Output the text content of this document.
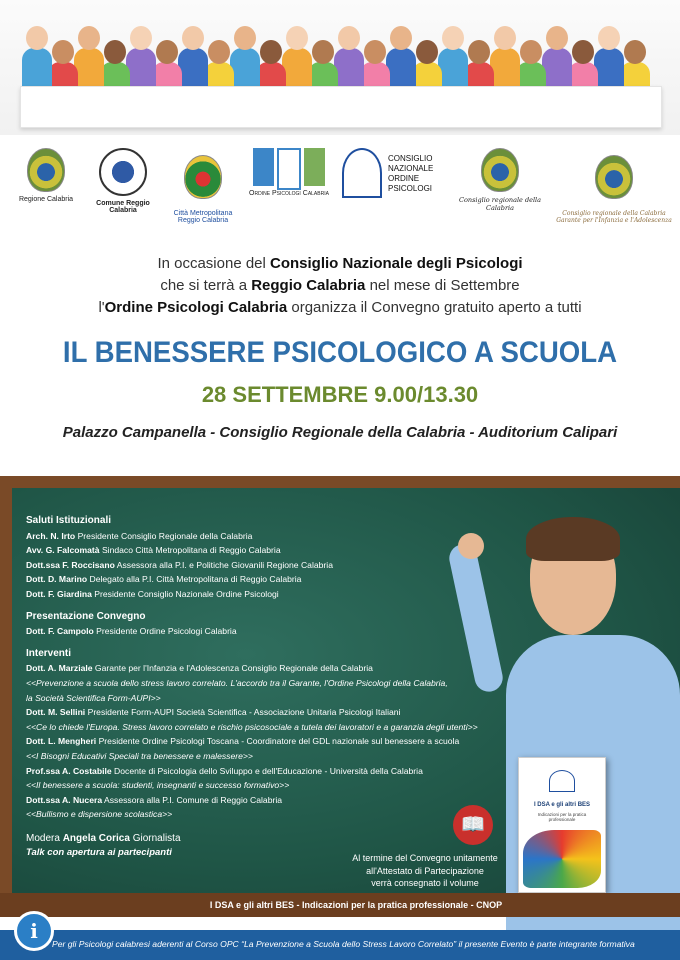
Regione Calabria
Comune Reggio Calabria	Città Metropolitana
Reggio Calabria

Ordine Psicologi Calabria
CONSIGLIO
NAZIONALE
ORDINE
PSICOLOGI
Consiglio regionale della Calabria

Consiglio regionale della Calabria
Garante per l'Infanzia e l'Adolescenza

In occasione del Consiglio Nazionale degli Psicologi
che si terrà a Reggio Calabria nel mese di Settembre
l'Ordine Psicologi Calabria organizza il Convegno gratuito aperto a tutti
IL BENESSERE PSICOLOGICO A SCUOLA
28 SETTEMBRE 9.00/13.30
Palazzo Campanella - Consiglio Regionale della Calabria - Auditorium Calipari
Saluti Istituzionali
Arch. N. Irto Presidente Consiglio Regionale della Calabria
Avv. G. Falcomatà Sindaco Città Metropolitana di Reggio Calabria
Dott.ssa F. Roccisano Assessora alla P.I. e Politiche Giovanili Regione Calabria
Dott. D. Marino Delegato alla P.I. Città Metropolitana di Reggio Calabria
Dott. F. Giardina Presidente Consiglio Nazionale Ordine Psicologi
Presentazione Convegno
Dott. F. Campolo Presidente Ordine Psicologi Calabria
Interventi
Dott. A. Marziale Garante per l'Infanzia e l'Adolescenza Consiglio Regionale della Calabria
<<Prevenzione a scuola dello stress lavoro correlato. L'accordo tra il Garante, l'Ordine Psicologi della Calabria,
la Società Scientifica Form-AUPI>>
Dott. M. Sellini Presidente Form-AUPI Società Scientifica - Associazione Unitaria Psicologi Italiani
<<Ce lo chiede l'Europa. Stress lavoro correlato e rischio psicosociale a tutela dei lavoratori e a garanzia degli utenti>>
Dott. L. Mengheri Presidente Ordine Psicologi Toscana - Coordinatore del GDL nazionale sul benessere a scuola
<<I Bisogni Educativi Speciali tra benessere e malessere>>
Prof.ssa A. Costabile Docente di Psicologia dello Sviluppo e dell'Educazione - Università della Calabria
<<Il benessere a scuola: studenti, insegnanti e successo formativo>>
Dott.ssa A. Nucera Assessora alla P.I. Comune di Reggio Calabria
<<Bullismo e dispersione scolastica>>
Modera Angela Corica Giornalista
Talk con apertura ai partecipanti
I DSA e gli altri BES
Indicazioni per la pratica professionale
📖
Al termine del Convegno unitamente
all'Attestato di Partecipazione
verrà consegnato il volume
I DSA e gli altri BES - Indicazioni per la pratica professionale - CNOP
Per gli Psicologi calabresi aderenti al Corso OPC “La Prevenzione a Scuola dello Stress Lavoro Correlato” il presente Evento è parte integrante formativa
i
